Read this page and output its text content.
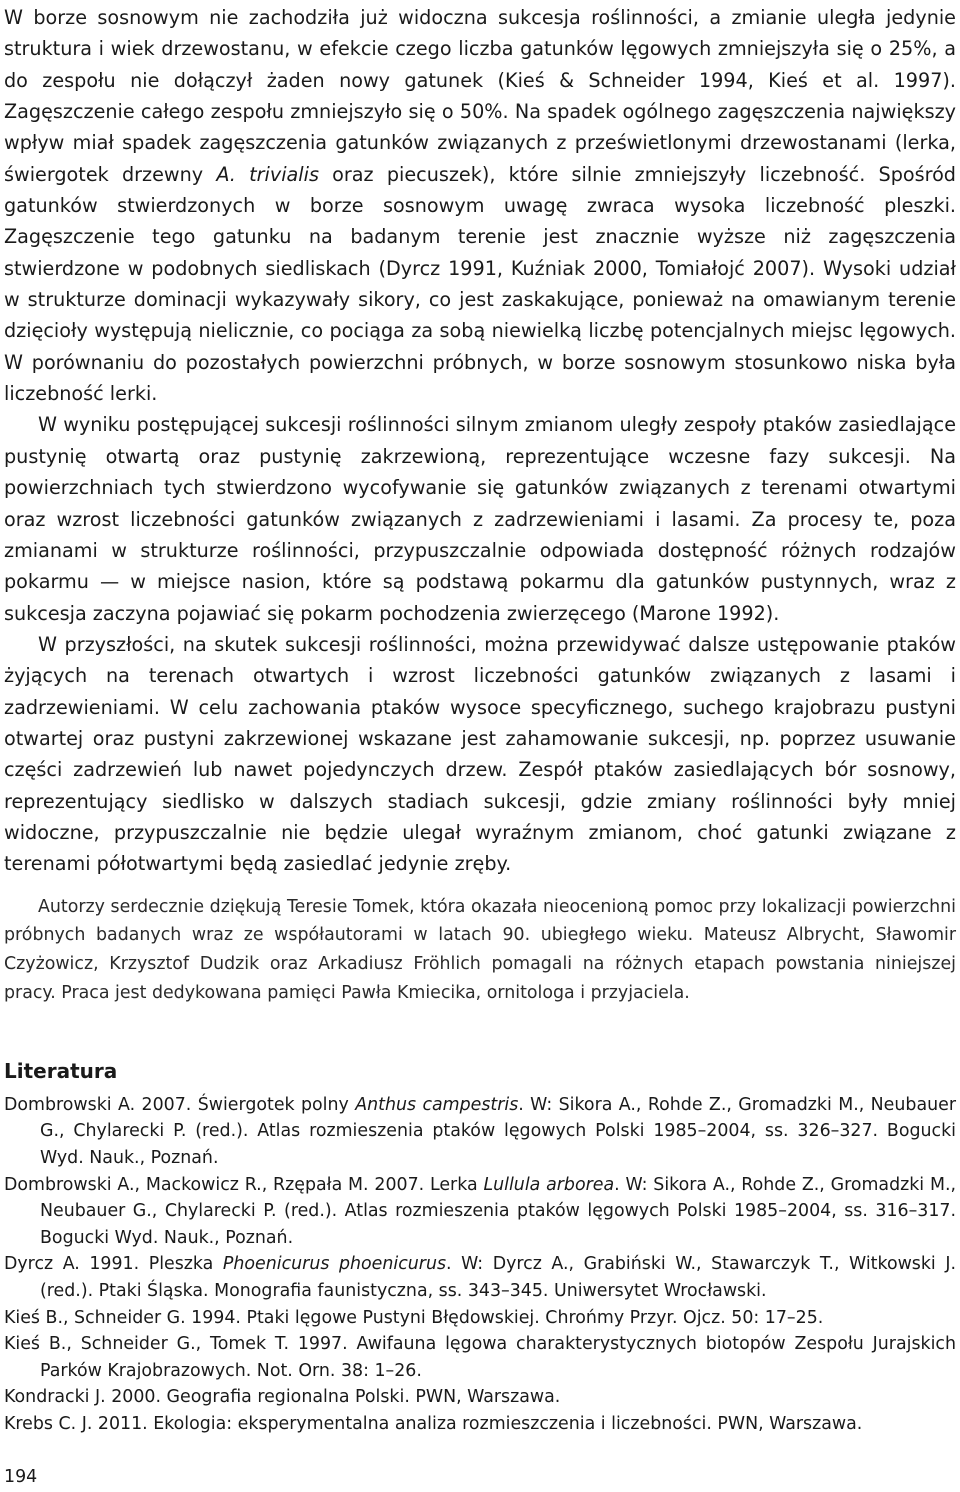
W borze sosnowym nie zachodziła już widoczna sukcesja roślinności, a zmianie uległa jedynie struktura i wiek drzewostanu, w efekcie czego liczba gatunków lęgowych zmniejszyła się o 25%, a do zespołu nie dołączył żaden nowy gatunek (Kieś & Schneider 1994, Kieś et al. 1997). Zagęszczenie całego zespołu zmniejszyło się o 50%. Na spadek ogólnego zagęszczenia największy wpływ miał spadek zagęszczenia gatunków związanych z prześwietlonymi drzewostanami (lerka, świergotek drzewny A. trivialis oraz piecuszek), które silnie zmniejszyły liczebność. Spośród gatunków stwierdzonych w borze sosnowym uwagę zwraca wysoka liczebność pleszki. Zagęszczenie tego gatunku na badanym terenie jest znacznie wyższe niż zagęszczenia stwierdzone w podobnych siedliskach (Dyrcz 1991, Kuźniak 2000, Tomiałojć 2007). Wysoki udział w strukturze dominacji wykazywały sikory, co jest zaskakujące, ponieważ na omawianym terenie dzięcioły występują nielicznie, co pociąga za sobą niewielką liczbę potencjalnych miejsc lęgowych. W porównaniu do pozostałych powierzchni próbnych, w borze sosnowym stosunkowo niska była liczebność lerki.

W wyniku postępującej sukcesji roślinności silnym zmianom uległy zespoły ptaków zasiedlające pustynię otwartą oraz pustynię zakrzewioną, reprezentujące wczesne fazy sukcesji. Na powierzchniach tych stwierdzono wycofywanie się gatunków związanych z terenami otwartymi oraz wzrost liczebności gatunków związanych z zadrzewieniami i lasami. Za procesy te, poza zmianami w strukturze roślinności, przypuszczalnie odpowiada dostępność różnych rodzajów pokarmu — w miejsce nasion, które są podstawą pokarmu dla gatunków pustynnych, wraz z sukcesja zaczyna pojawiać się pokarm pochodzenia zwierzęcego (Marone 1992).

W przyszłości, na skutek sukcesji roślinności, można przewidywać dalsze ustępowanie ptaków żyjących na terenach otwartych i wzrost liczebności gatunków związanych z lasami i zadrzewieniami. W celu zachowania ptaków wysoce specyficznego, suchego krajobrazu pustyni otwartej oraz pustyni zakrzewionej wskazane jest zahamowanie sukcesji, np. poprzez usuwanie części zadrzewień lub nawet pojedynczych drzew. Zespół ptaków zasiedlających bór sosnowy, reprezentujący siedlisko w dalszych stadiach sukcesji, gdzie zmiany roślinności były mniej widoczne, przypuszczalnie nie będzie ulegał wyraźnym zmianom, choć gatunki związane z terenami półotwartymi będą zasiedlać jedynie zręby.

Autorzy serdecznie dziękują Teresie Tomek, która okazała nieocenioną pomoc przy lokalizacji powierzchni próbnych badanych wraz ze współautorami w latach 90. ubiegłego wieku. Mateusz Albrycht, Sławomir Czyżowicz, Krzysztof Dudzik oraz Arkadiusz Fröhlich pomagali na różnych etapach powstania niniejszej pracy. Praca jest dedykowana pamięci Pawła Kmiecika, ornitologa i przyjaciela.

Literatura
Dombrowski A. 2007. Świergotek polny Anthus campestris. W: Sikora A., Rohde Z., Gromadzki M., Neubauer G., Chylarecki P. (red.). Atlas rozmieszenia ptaków lęgowych Polski 1985–2004, ss. 326–327. Bogucki Wyd. Nauk., Poznań.
Dombrowski A., Mackowicz R., Rzępała M. 2007. Lerka Lullula arborea. W: Sikora A., Rohde Z., Gromadzki M., Neubauer G., Chylarecki P. (red.). Atlas rozmieszenia ptaków lęgowych Polski 1985–2004, ss. 316–317. Bogucki Wyd. Nauk., Poznań.
Dyrcz A. 1991. Pleszka Phoenicurus phoenicurus. W: Dyrcz A., Grabiński W., Stawarczyk T., Witkowski J. (red.). Ptaki Śląska. Monografia faunistyczna, ss. 343–345. Uniwersytet Wrocławski.
Kieś B., Schneider G. 1994. Ptaki lęgowe Pustyni Błędowskiej. Chrońmy Przyr. Ojcz. 50: 17–25.
Kieś B., Schneider G., Tomek T. 1997. Awifauna lęgowa charakterystycznych biotopów Zespołu Jurajskich Parków Krajobrazowych. Not. Orn. 38: 1–26.
Kondracki J. 2000. Geografia regionalna Polski. PWN, Warszawa.
Krebs C. J. 2011. Ekologia: eksperymentalna analiza rozmieszczenia i liczebności. PWN, Warszawa.
194
